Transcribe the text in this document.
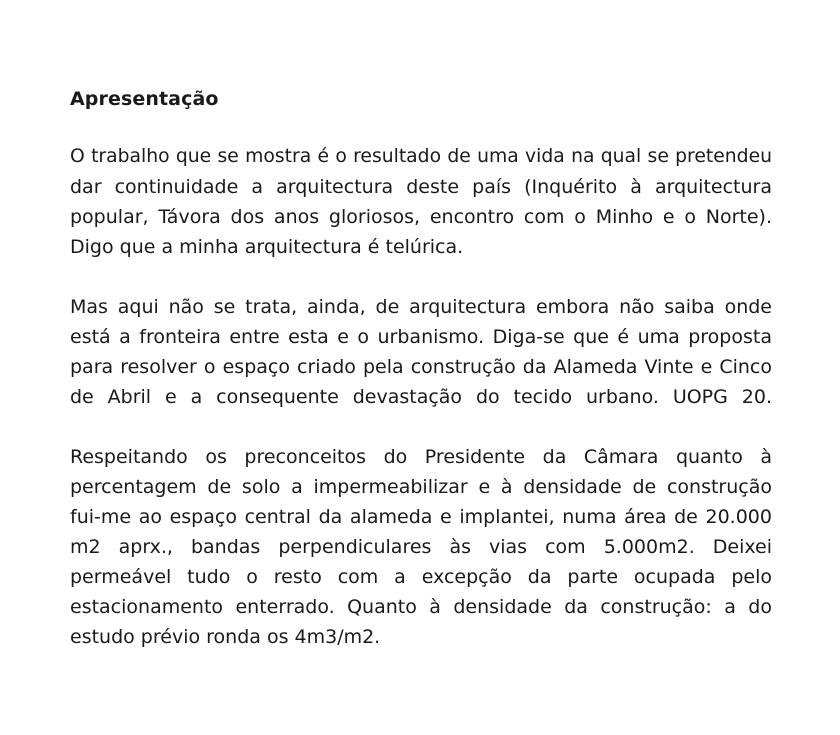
Apresentação
O trabalho que se mostra é o resultado de uma vida na qual se pretendeu
dar continuidade a arquitectura deste país (Inquérito à arquitectura
popular, Távora dos anos gloriosos, encontro com o Minho e o Norte).
Digo que a minha arquitectura é telúrica.
Mas aqui não se trata, ainda, de arquitectura embora não saiba onde
está a fronteira entre esta e o urbanismo. Diga-se que é uma proposta
para resolver o espaço criado pela construção da Alameda Vinte e Cinco
de Abril e a consequente devastação do tecido urbano. UOPG 20.
Respeitando os preconceitos do Presidente da Câmara quanto à
percentagem de solo a impermeabilizar e à densidade de construção
fui-me ao espaço central da alameda e implantei, numa área de 20.000
m2 aprx., bandas perpendiculares às vias com 5.000m2. Deixei
permeável tudo o resto com a excepção da parte ocupada pelo
estacionamento enterrado. Quanto à densidade da construção: a do
estudo prévio ronda os 4m3/m2.
